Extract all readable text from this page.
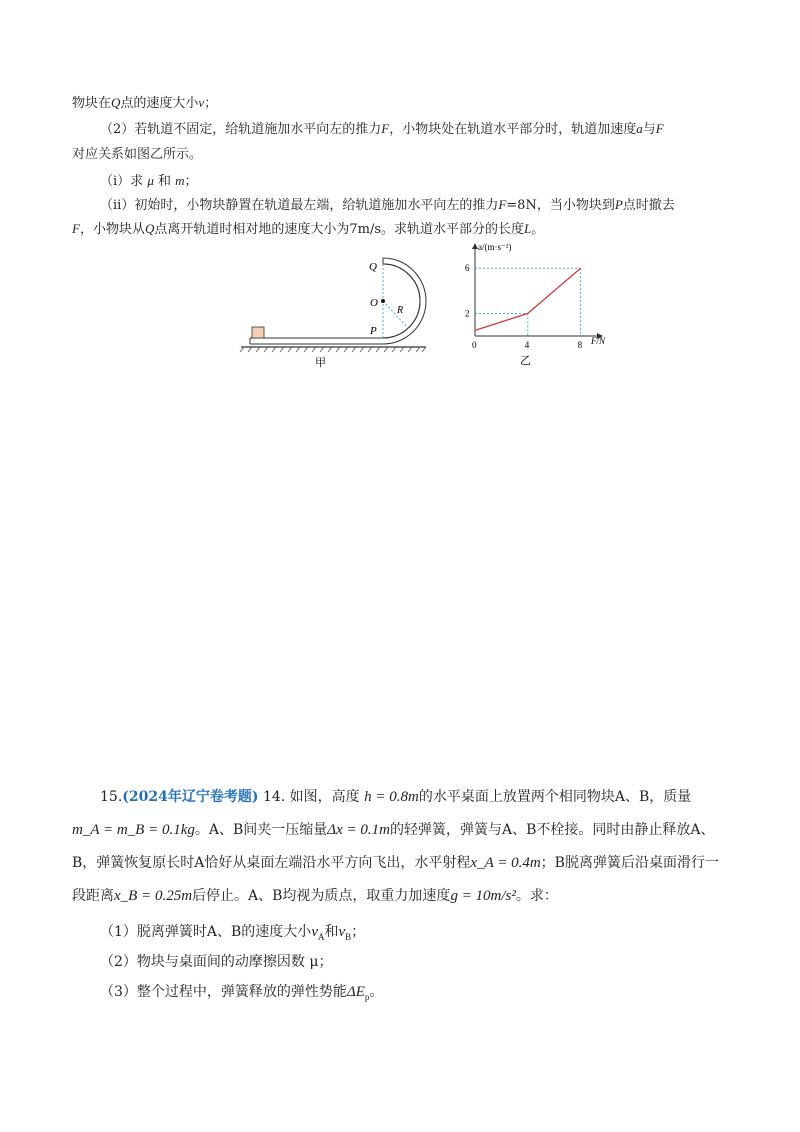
物块在Q点的速度大小v；
（2）若轨道不固定，给轨道施加水平向左的推力F，小物块处在轨道水平部分时，轨道加速度a与F
对应关系如图乙所示。
（i）求 μ 和 m；
（ii）初始时，小物块静置在轨道最左端，给轨道施加水平向左的推力F=8N，当小物块到P点时撤去
F，小物块从Q点离开轨道时相对地的速度大小为7m/s。求轨道水平部分的长度L。
Q
O
R
P
甲
0	4	8
2
6
a/(m·s⁻²)
F/N
乙
15.(2024年辽宁卷考题) 14. 如图，高度 h = 0.8m的水平桌面上放置两个相同物块A、B，质量
m_A = m_B = 0.1kg。A、B间夹一压缩量Δx = 0.1m的轻弹簧，弹簧与A、B不栓接。同时由静止释放A、
B，弹簧恢复原长时A恰好从桌面左端沿水平方向飞出，水平射程x_A = 0.4m；B脱离弹簧后沿桌面滑行一
段距离x_B = 0.25m后停止。A、B均视为质点，取重力加速度g = 10m/s²。求：
（1）脱离弹簧时A、B的速度大小$v_A$和$v_B$；
（2）物块与桌面间的动摩擦因数 μ；
（3）整个过程中，弹簧释放的弹性势能$\Delta E_p$。
